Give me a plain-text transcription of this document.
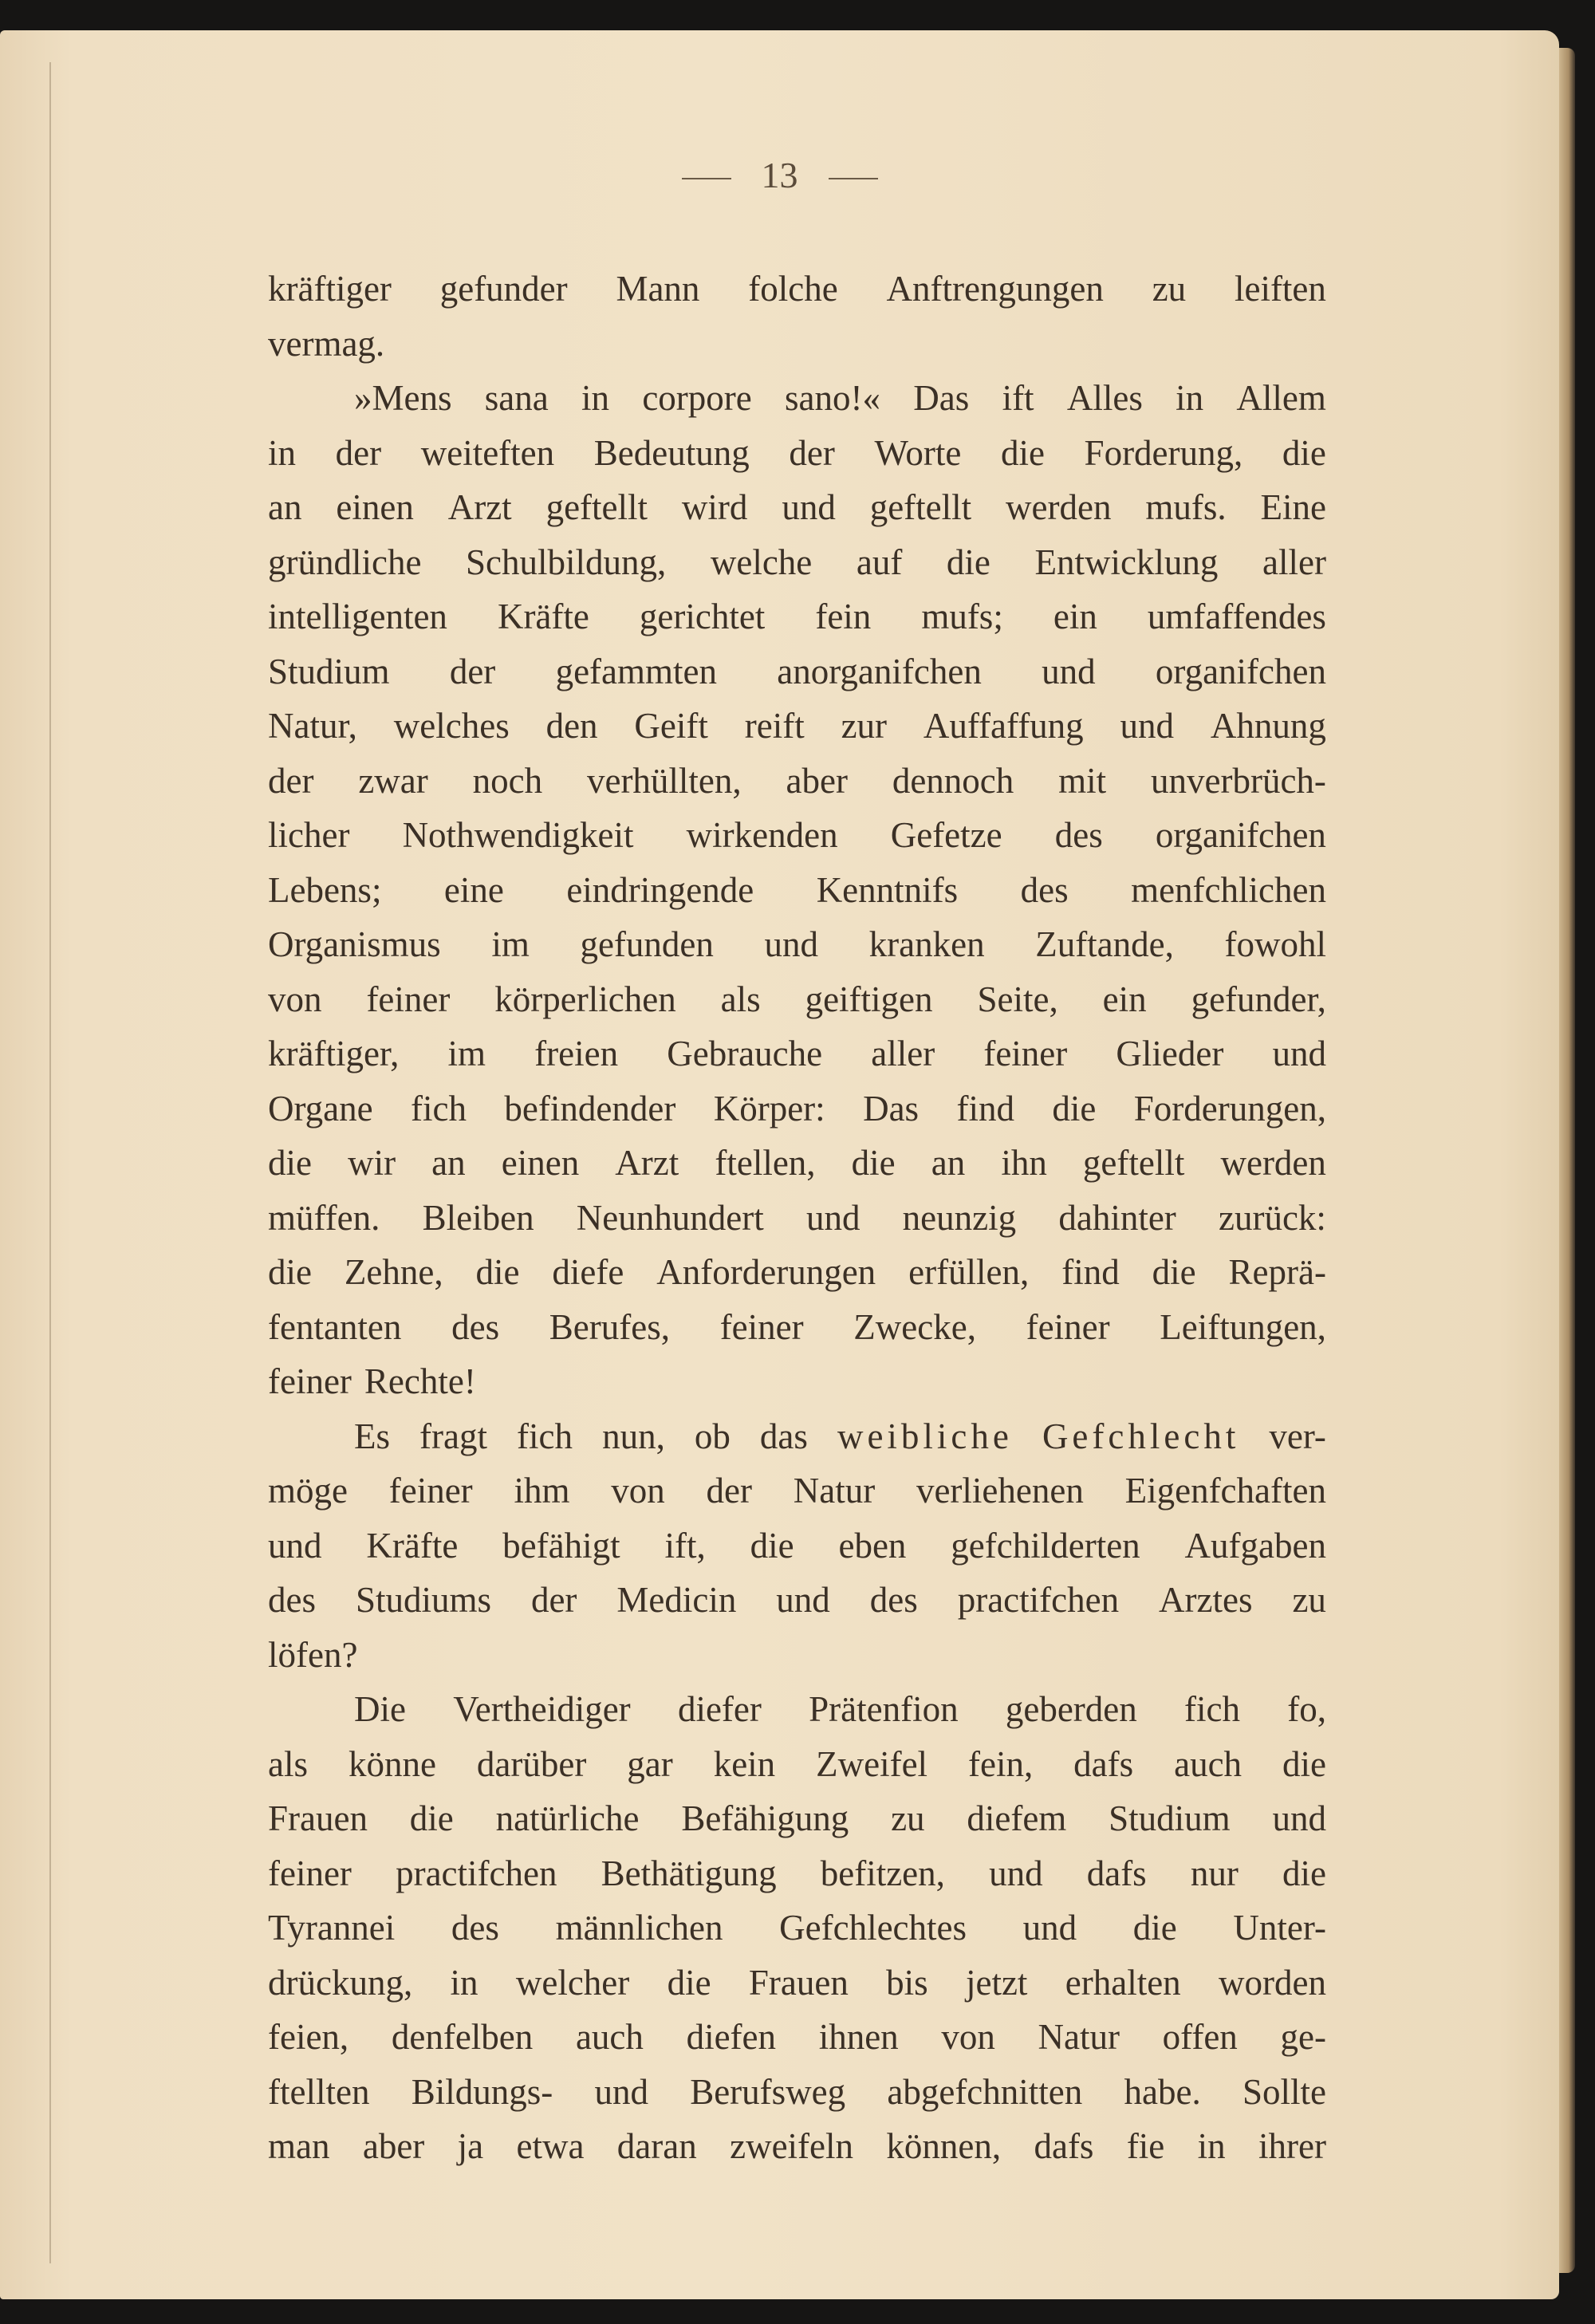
13
kräftiger gefunder Mann folche Anftrengungen zu leiften
vermag.
»Mens sana in corpore sano!« Das ift Alles in Allem
in der weiteften Bedeutung der Worte die Forderung, die
an einen Arzt geftellt wird und geftellt werden mufs. Eine
gründliche Schulbildung, welche auf die Entwicklung aller
intelligenten Kräfte gerichtet fein mufs; ein umfaffendes
Studium der gefammten anorganifchen und organifchen
Natur, welches den Geift reift zur Auffaffung und Ahnung
der zwar noch verhüllten, aber dennoch mit unverbrüch-
licher Nothwendigkeit wirkenden Gefetze des organifchen
Lebens; eine eindringende Kenntnifs des menfchlichen
Organismus im gefunden und kranken Zuftande, fowohl
von feiner körperlichen als geiftigen Seite, ein gefunder,
kräftiger, im freien Gebrauche aller feiner Glieder und
Organe fich befindender Körper: Das find die Forderungen,
die wir an einen Arzt ftellen, die an ihn geftellt werden
müffen. Bleiben Neunhundert und neunzig dahinter zurück:
die Zehne, die diefe Anforderungen erfüllen, find die Reprä-
fentanten des Berufes, feiner Zwecke, feiner Leiftungen,
feiner Rechte!
Es fragt fich nun, ob das weibliche Gefchlecht ver-
möge feiner ihm von der Natur verliehenen Eigenfchaften
und Kräfte befähigt ift, die eben gefchilderten Aufgaben
des Studiums der Medicin und des practifchen Arztes zu
löfen?
Die Vertheidiger diefer Prätenfion geberden fich fo,
als könne darüber gar kein Zweifel fein, dafs auch die
Frauen die natürliche Befähigung zu diefem Studium und
feiner practifchen Bethätigung befitzen, und dafs nur die
Tyrannei des männlichen Gefchlechtes und die Unter-
drückung, in welcher die Frauen bis jetzt erhalten worden
feien, denfelben auch diefen ihnen von Natur offen ge-
ftellten Bildungs- und Berufsweg abgefchnitten habe. Sollte
man aber ja etwa daran zweifeln können, dafs fie in ihrer
